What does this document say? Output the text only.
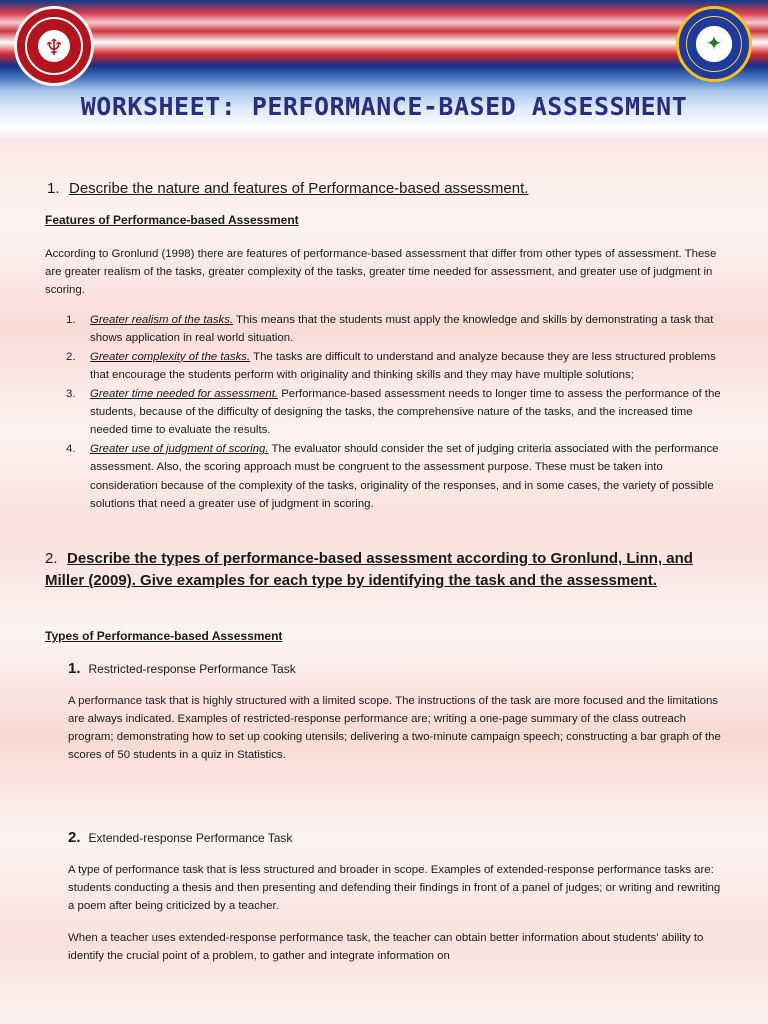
♆	✦
WORKSHEET: PERFORMANCE-BASED ASSESSMENT
1. Describe the nature and features of Performance-based assessment.
Features of Performance-based Assessment
According to Gronlund (1998) there are features of performance-based assessment that differ from other types of assessment. These are greater realism of the tasks, greater complexity of the tasks, greater time needed for assessment, and greater use of judgment in scoring.
1. Greater realism of the tasks. This means that the students must apply the knowledge and skills by demonstrating a task that shows application in real world situation.
2. Greater complexity of the tasks. The tasks are difficult to understand and analyze because they are less structured problems that encourage the students perform with originality and thinking skills and they may have multiple solutions;
3. Greater time needed for assessment. Performance-based assessment needs to longer time to assess the performance of the students, because of the difficulty of designing the tasks, the comprehensive nature of the tasks, and the increased time needed time to evaluate the results.
4. Greater use of judgment of scoring. The evaluator should consider the set of judging criteria associated with the performance assessment. Also, the scoring approach must be congruent to the assessment purpose. These must be taken into consideration because of the complexity of the tasks, originality of the responses, and in some cases, the variety of possible solutions that need a greater use of judgment in scoring.
2. Describe the types of performance-based assessment according to Gronlund, Linn, and Miller (2009). Give examples for each type by identifying the task and the assessment.
Types of Performance-based Assessment
1. Restricted-response Performance Task
A performance task that is highly structured with a limited scope. The instructions of the task are more focused and the limitations are always indicated. Examples of restricted-response performance are; writing a one-page summary of the class outreach program; demonstrating how to set up cooking utensils; delivering a two-minute campaign speech; constructing a bar graph of the scores of 50 students in a quiz in Statistics.
2. Extended-response Performance Task
A type of performance task that is less structured and broader in scope. Examples of extended-response performance tasks are: students conducting a thesis and then presenting and defending their findings in front of a panel of judges; or writing and rewriting a poem after being criticized by a teacher.
When a teacher uses extended-response performance task, the teacher can obtain better information about students' ability to identify the crucial point of a problem, to gather and integrate information on
